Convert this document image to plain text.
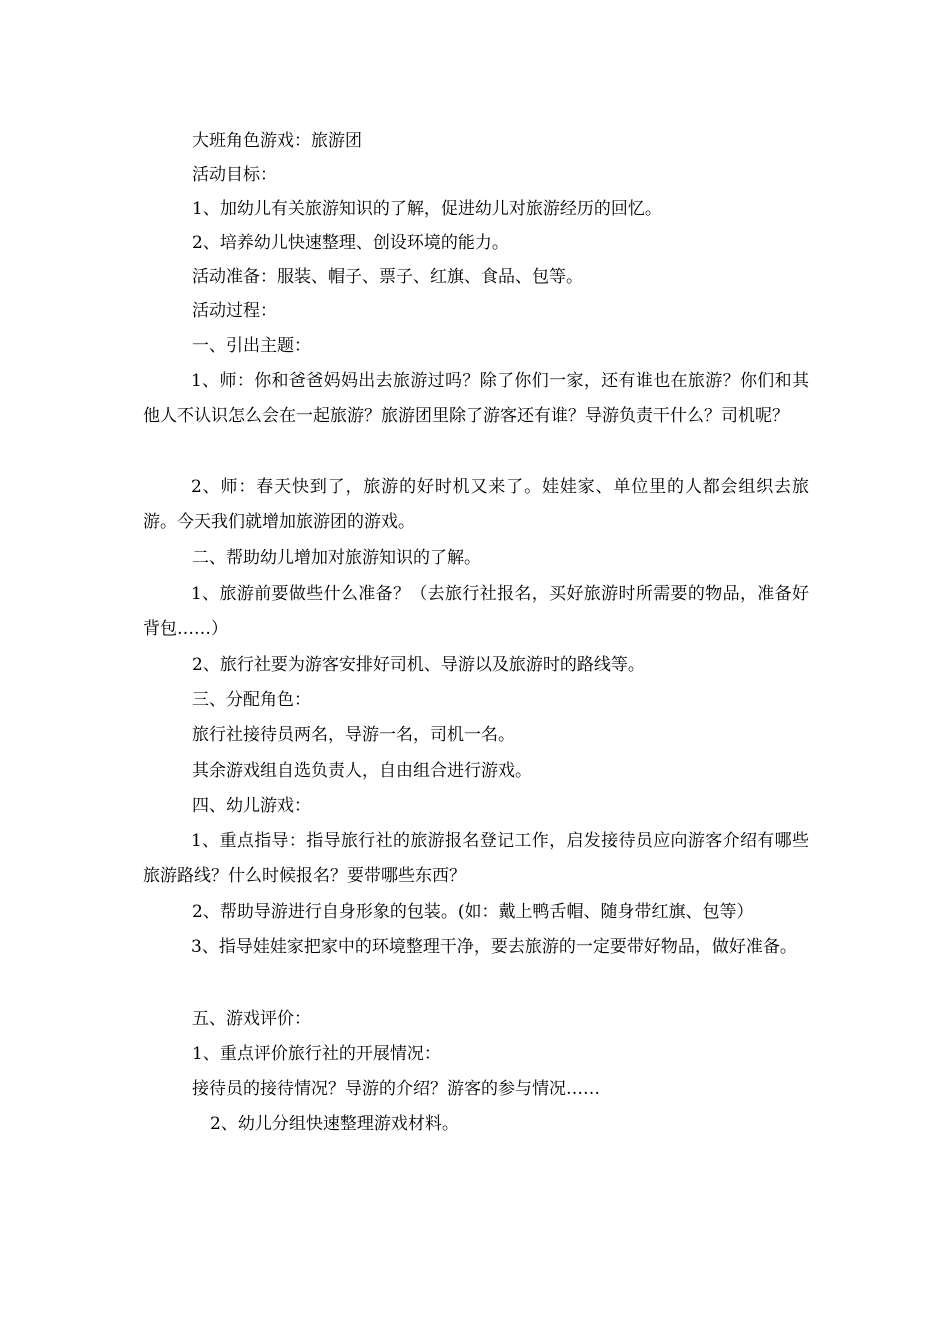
大班角色游戏：旅游团

活动目标：

1、加幼儿有关旅游知识的了解，促进幼儿对旅游经历的回忆。

2、培养幼儿快速整理、创设环境的能力。

活动准备：服装、帽子、票子、红旗、食品、包等。

活动过程：

一、引出主题：

1、师：你和爸爸妈妈出去旅游过吗？除了你们一家，还有谁也在旅游？你们和其他人不认识怎么会在一起旅游？旅游团里除了游客还有谁？导游负责干什么？司机呢？

2、师：春天快到了，旅游的好时机又来了。娃娃家、单位里的人都会组织去旅游。今天我们就增加旅游团的游戏。

二、帮助幼儿增加对旅游知识的了解。

1、旅游前要做些什么准备？（去旅行社报名，买好旅游时所需要的物品，准备好背包……）

2、旅行社要为游客安排好司机、导游以及旅游时的路线等。

三、分配角色：

旅行社接待员两名，导游一名，司机一名。

其余游戏组自选负责人，自由组合进行游戏。

四、幼儿游戏：

1、重点指导：指导旅行社的旅游报名登记工作，启发接待员应向游客介绍有哪些旅游路线？什么时候报名？要带哪些东西？

2、帮助导游进行自身形象的包装。(如：戴上鸭舌帽、随身带红旗、包等）

3、指导娃娃家把家中的环境整理干净，要去旅游的一定要带好物品，做好准备。

五、游戏评价：

1、重点评价旅行社的开展情况：

接待员的接待情况？导游的介绍？游客的参与情况……

2、幼儿分组快速整理游戏材料。
